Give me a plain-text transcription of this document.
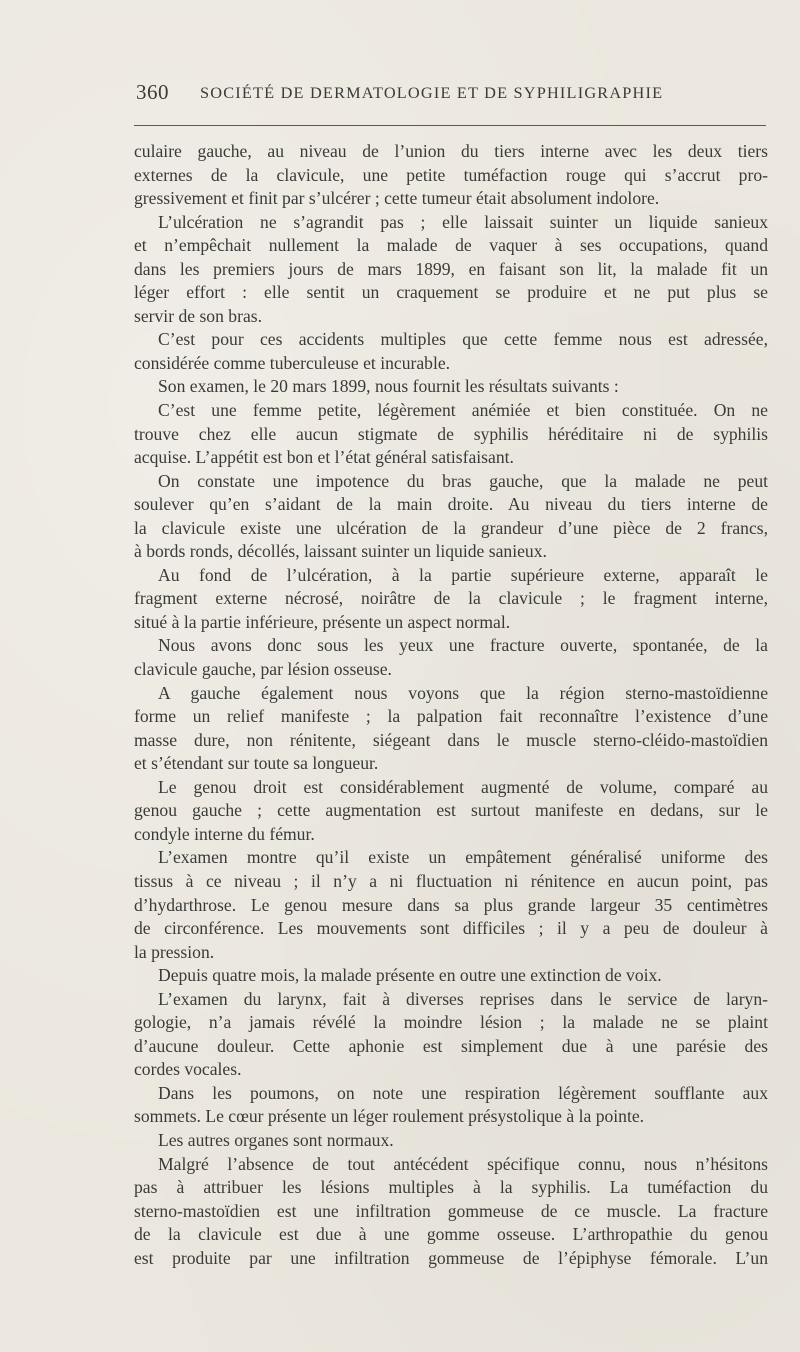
360 SOCIÉTÉ DE DERMATOLOGIE ET DE SYPHILIGRAPHIE
culaire gauche, au niveau de l’union du tiers interne avec les deux tiers
externes de la clavicule, une petite tuméfaction rouge qui s’accrut pro-
gressivement et finit par s’ulcérer ; cette tumeur était absolument indolore.
L’ulcération ne s’agrandit pas ; elle laissait suinter un liquide sanieux
et n’empêchait nullement la malade de vaquer à ses occupations, quand
dans les premiers jours de mars 1899, en faisant son lit, la malade fit un
léger effort : elle sentit un craquement se produire et ne put plus se
servir de son bras.
C’est pour ces accidents multiples que cette femme nous est adressée,
considérée comme tuberculeuse et incurable.
Son examen, le 20 mars 1899, nous fournit les résultats suivants :
C’est une femme petite, légèrement anémiée et bien constituée. On ne
trouve chez elle aucun stigmate de syphilis héréditaire ni de syphilis
acquise. L’appétit est bon et l’état général satisfaisant.
On constate une impotence du bras gauche, que la malade ne peut
soulever qu’en s’aidant de la main droite. Au niveau du tiers interne de
la clavicule existe une ulcération de la grandeur d’une pièce de 2 francs,
à bords ronds, décollés, laissant suinter un liquide sanieux.
Au fond de l’ulcération, à la partie supérieure externe, apparaît le
fragment externe nécrosé, noirâtre de la clavicule ; le fragment interne,
situé à la partie inférieure, présente un aspect normal.
Nous avons donc sous les yeux une fracture ouverte, spontanée, de la
clavicule gauche, par lésion osseuse.
A gauche également nous voyons que la région sterno-mastoïdienne
forme un relief manifeste ; la palpation fait reconnaître l’existence d’une
masse dure, non rénitente, siégeant dans le muscle sterno-cléido-mastoïdien
et s’étendant sur toute sa longueur.
Le genou droit est considérablement augmenté de volume, comparé au
genou gauche ; cette augmentation est surtout manifeste en dedans, sur le
condyle interne du fémur.
L’examen montre qu’il existe un empâtement généralisé uniforme des
tissus à ce niveau ; il n’y a ni fluctuation ni rénitence en aucun point, pas
d’hydarthrose. Le genou mesure dans sa plus grande largeur 35 centimètres
de circonférence. Les mouvements sont difficiles ; il y a peu de douleur à
la pression.
Depuis quatre mois, la malade présente en outre une extinction de voix.
L’examen du larynx, fait à diverses reprises dans le service de laryn-
gologie, n’a jamais révélé la moindre lésion ; la malade ne se plaint
d’aucune douleur. Cette aphonie est simplement due à une parésie des
cordes vocales.
Dans les poumons, on note une respiration légèrement soufflante aux
sommets. Le cœur présente un léger roulement présystolique à la pointe.
Les autres organes sont normaux.
Malgré l’absence de tout antécédent spécifique connu, nous n’hésitons
pas à attribuer les lésions multiples à la syphilis. La tuméfaction du
sterno-mastoïdien est une infiltration gommeuse de ce muscle. La fracture
de la clavicule est due à une gomme osseuse. L’arthropathie du genou
est produite par une infiltration gommeuse de l’épiphyse fémorale. L’un
